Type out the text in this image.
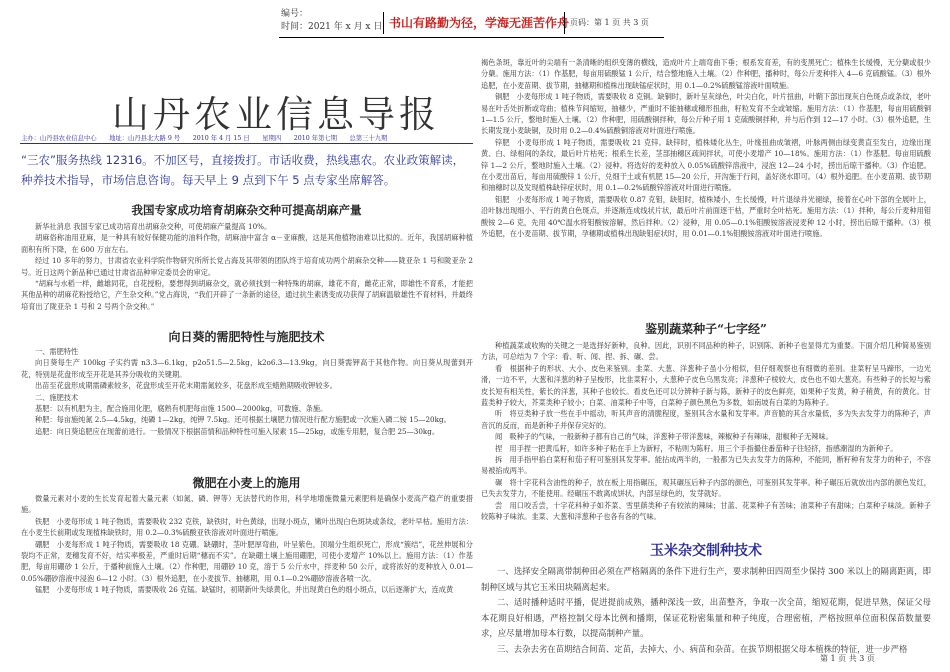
编号：
时间：2021 年 x 月 x 日 书山有路勤为径，学海无涯苦作舟 页码：第 1 页 共 3 页
山丹农业信息导报
主办：山丹县农业信息中心　　地址：山丹县北大路 9 号　　2010 年 4 月 15 日　　星期四　　2010 年第七期　　总第三十九期
“三农”服务热线 12316。不加区号，直接拨打。市话收费，热线惠农。农业政策解读，种养技术指导，市场信息咨询。每天早上 9 点到下午 5 点专家坐席解答。
我国专家成功培育胡麻杂交种可提高胡麻产量
新华社消息 我国专家已成功培育出胡麻杂交种，可使胡麻产量提高 10%。
胡麻俗称油用亚麻，是一种具有较好保健功能的油料作物，胡麻油中富含 α－亚麻酸，这是其他植物油难以比拟的。近年，我国胡麻种植面积有所下降，在 600 万亩左右。
经过 10 多年的努力，甘肃省农业科学院作物研究所所长党占海及其带领的团队终于培育成功两个胡麻杂交种——陇亚杂 1 号和陇亚杂 2 号。近日这两个新品种已通过甘肃省品种审定委员会的审定。
“胡麻与水稻一样，雌雄同花，自花授粉，要想得到胡麻杂交，就必须找到一种特殊的胡麻，雄花不育，雌花正常，即雄性不育系，才能把其他品种的胡麻花粉授给它，产生杂交种。”党占海说，“我们开辟了一条新的途径，通过抗生素诱变成功获得了胡麻温敏雄性不育材料，并最终培育出了陇亚杂 1 号和 2 号两个杂交种。”
向日葵的需肥特性与施肥技术
一、需肥特性
向日葵每生产 100kg 子实约需 n3.3—6.1kg，p2o51.5—2.5kg，k2o6.3—13.9kg，向日葵需钾高于其他作物。向日葵从现蕾到开花，特别是花盘形成至开花是其养分吸收的关键期。
出苗至花盘形成期需磷素较多，花盘形成至开花末期需氮较多，花盘形成至蜡熟期吸收钾较多。
二、施肥技术
基肥：以有机肥为主，配合施用化肥，腐熟有机肥每亩施 1500—2000kg，可数施、条施。
种肥：每亩施纯氮 2.5—4.5kg，纯磷 1—2kg，纯钾 7.5kg。还可根据土壤肥力情况进行配方施肥或一次施入磷二铵 15—20kg。
追肥：向日葵追肥应在现蕾前进行。一般情况下根据苗情和品种特性可施入尿素 15—25kg，或施专用肥，复合肥 25—30kg。
微肥在小麦上的施用
微量元素对小麦的生长发育起着大量元素（如氮、磷、钾等）无法替代的作用，科学地增施微量元素肥料是确保小麦高产稳产的重要措施。
铁肥　小麦每形成 1 吨子物质，需要吸收 232 克铁，缺铁时，叶色黄绿，出现小斑点，嫩叶出现白色斑块或条纹，老叶早枯。施用方法：在小麦生长前期或发现植株缺铁时，用 0.2—0.3%硫酸亚铁溶液对叶面进行喷施。
硼肥　小麦每形成 1 吨子物质，需要吸收 18 克硼。缺硼时，茎叶肥厚弯曲，叶呈紫色，顶端分生组织死亡，形成“簇结”，花丝伸展和分裂均不正常，麦穗发育不好，结实率极差，严重时后期“穗而不实”。在缺硼土壤上施用硼肥，可使小麦增产 10%以上。施用方法：（1）作基肥，每亩用硼砂 1 公斤，于播种前施入土壤。（2）作种肥，用硼砂 10 克，溶于 5 公斤水中，拌麦种 50 公斤，或将浓好的麦种放入 0.01—0.05%硼砂溶液中浸泡 6—12 小时。（3）根外追肥，在小麦拔节、抽穗期，用 0.1—0.2%硼砂溶液各喷一次。
锰肥　小麦每形成 1 吨子物质，需要吸收 26 克锰。缺锰时，初期新叶失绿黄化，并出现黄白色的细小斑点，以后逐渐扩大，连成黄
褐色条斑，靠近叶的尖端有一条清晰的组织变薄的横线，造成叶片上端弯曲下垂；根系发育差，有的变黑死亡；植株生长缓慢，无分蘖或很少分蘖。施用方法：（1）作基肥，每亩用硫酸锰 1 公斤，结合整地施入土壤。（2）作种肥，播种时，每公斤麦种拌入 4—6 克硫酸锰。（3）根外追肥，在小麦苗期、拔节期，抽穗期和植株出现缺锰症状时，用 0.1—0.2%硫酸锰溶液叶面喷施。
铜肥　小麦每形成 1 吨子物质，需要吸收 8 克铜。缺铜时，新叶呈灰绿色，叶尖白化，叶片扭曲，叶鞘下部出现灰白色斑点或条纹，老叶易在叶舌处折断或弯曲；植株节间缩短，抽穗少，严重时不能抽穗或穗形扭曲，籽粒发育不全或皱缩。施用方法：（1）作基肥，每亩用硫酸铜 1—1.5 公斤，整地时施入土壤。（2）作种肥，用硫酸铜拌种，每公斤种子用 1 克硫酸铜拌种，并与后作到 12—17 小时。（3）根外追肥，生长期发现小麦缺铜，及时用 0.2—0.4%硫酸铜溶液对叶面进行喷施。
锌肥　小麦每形成 1 吨子物质，需要吸收 21 克锌。缺锌时，植株矮化丛生，叶缘扭曲成皱褶，叶脉两侧由绿变黄直至发白，边缘出现黄、白、绿相间的条纹，最后叶片枯死；根系生长差，茎部抽穗区疏间拌状，可使小麦增产 10—18%。施用方法：（1）作基肥。每亩用硫酸锌 1—2 公斤，整地时施入土壤。（2）浸种。将选好的麦种放入 0.05%硫酸锌溶液中，浸泡 12—24 小时，捞出后晾干播种。（3）作追肥。在小麦出苗后，每亩用硫酸锌 1 公斤，兑细干土或有机肥 15—20 公斤，开沟施于行间，盖好浇水即可。（4）根外追肥。在小麦苗期、拔节期和抽穗时以及发现植株缺锌症状时，用 0.1—0.2%硫酸锌溶液对叶面进行喷施。
钼肥　小麦每形成 1 吨子物质，需要吸收 0.87 克钼，缺钼时，植株矮小，生长缓慢，叶片退绿并光褪绿，接着在心叶下部的全展叶上，沿叶脉出现细小、平行的黄白色斑点，并逐渐连成线状片状，最后叶片前面逐干枯，严重时全叶枯死。施用方法：（1）拌种，每公斤麦种用钼酸铵 2—6 克，先用 40℃温水将钼酸铵溶解，然后拌种。（2）浸种，用 0.05—0.1%钼酸铵溶液浸麦种 12 小时，捞出后晾干播种。（3）根外追肥，在小麦苗期、拔节期，孕穗期或植株出现缺钼症状时，用 0.01—0.1%钼酸铵溶液对叶面进行喷施。
鉴别蔬菜种子“七字经”
种植蔬菜或收购的关键之一是选择好新种，良种。因此，识别不同品种的种子，识别陈、新种子也显得尤为重要。下面介绍几种简易鉴别方法，可总结为 7 个字：看、听、闻、捏、拆、碾、尝。
看　根据种子的形状、大小、皮色来鉴别。韭菜、大葱、洋葱种子虽小分相似，但仔细观察也有细微的差别。韭菜籽呈马蹄形，一边光滑，一边不平，大葱和洋葱的种子呈梭形，比韭菜籽小，大葱种子皮色乌黑发亮；洋葱种子棱较大，皮色也不如大葱亮。有些种子的长短与紫皮长短有相关性，紫长的洋葱，其种子也较长。看皮色还可以分辨种子新与陈，新种子的皮色鲜亮，如果种子发黄，种子稍黄，有的黄化。甘蓝类种子较大，芥菜类种子较小；白菜、油菜种子中等，白菜种子颜色黑色为多数，如南坡有白菜的为陈种子。
听　将豆类种子放一些在手中摇动，听其声音的清脆程度，鉴别其含水量和发芽率。声音脆的其含水量低，多为失去发芽力的陈种子，声音沉的反而，而是新种子并保存完好的。
闻　吸种子的气味，一般新种子都有自己的气味，洋葱种子带洋葱味，辣椒种子有辣味，甜椒种子无辣味。
捏　用手捏一把黄瓜籽，如许多种子粘在手上为新籽，不粘则为陈籽。用三个手指撮住番茄种子往轻挤，指感潮湿的为新种子。
拆　用手指甲掐白菜籽和茄子籽可鉴别其发芽率。能拈成两半的，一般都为已失去发芽力的陈种，不能同，断籽种有发芽力的种子，不容易被掐成两半。
碾　将十字花科含油性的种子，放在板上用指碾压，观其碾压后种子内部的颜色，可鉴别其发芽率。种子碾压后就放出内部的颜色发红，已失去发芽力，不能使用。经碾压不敢离成饼状，内部呈绿色的，发芽就好。
尝　用口咬舌尝，十字花科种子如芥菜、雪里蕻类种子有较浓的辣味；甘蓝、花菜种子有苦味；油菜种子有甜味；白菜种子味淡。新种子较陈种子味浓。韭菜、大葱和洋葱种子也各有各的气味。
玉米杂交制种技术
一、选择安全隔离带制种田必须在严格隔离的条件下进行生产，要求制种田四周至少保持 300 米以上的隔离距离，即制种区域与其它玉米田块隔离起来。
二、适时播种适时平播，促进提前成熟，播种深浅一致，出苗整齐，争取一次全苗，缩短花期，促进早熟，保证父母本花期良好相遇，严格控制父母本比例和播期，保证花粉密集量和种子纯度，合理密植，严格按照单位面积保苗数量要求，应尽量增加母本行数，以提高制种产量。
三、去杂去劣在苗期结合间苗、定苗，去掉大、小、病苗和杂苗。在拔节期根据父母本植株的特征，进一步严格
第 1 页 共 3 页
